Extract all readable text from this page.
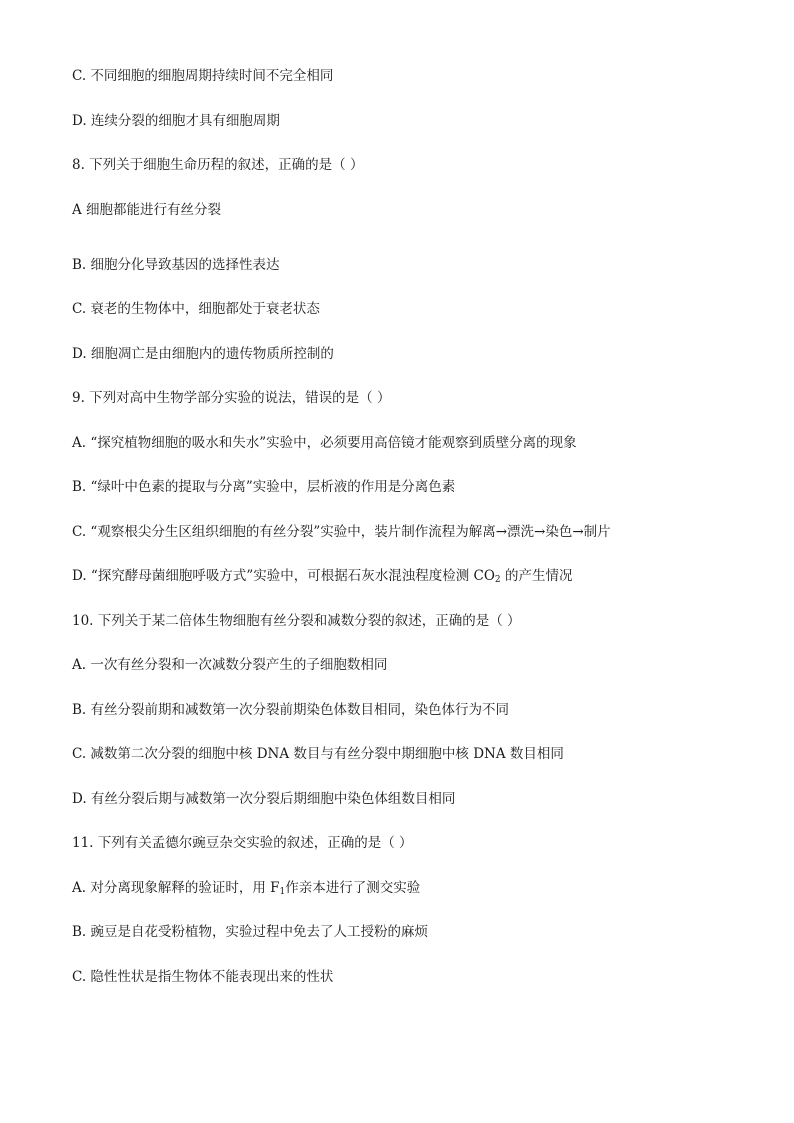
C. 不同细胞的细胞周期持续时间不完全相同
D. 连续分裂的细胞才具有细胞周期
8. 下列关于细胞生命历程的叙述，正确的是（ ）
A 细胞都能进行有丝分裂
B. 细胞分化导致基因的选择性表达
C. 衰老的生物体中，细胞都处于衰老状态
D. 细胞凋亡是由细胞内的遗传物质所控制的
9. 下列对高中生物学部分实验的说法，错误的是（ ）
A. “探究植物细胞的吸水和失水”实验中，必须要用高倍镜才能观察到质壁分离的现象
B. “绿叶中色素的提取与分离”实验中，层析液的作用是分离色素
C. “观察根尖分生区组织细胞的有丝分裂”实验中，装片制作流程为解离→漂洗→染色→制片
D. “探究酵母菌细胞呼吸方式”实验中，可根据石灰水混浊程度检测 $CO_2$ 的产生情况
10. 下列关于某二倍体生物细胞有丝分裂和减数分裂的叙述，正确的是（ ）
A. 一次有丝分裂和一次减数分裂产生的子细胞数相同
B. 有丝分裂前期和减数第一次分裂前期染色体数目相同，染色体行为不同
C. 减数第二次分裂的细胞中核 DNA 数目与有丝分裂中期细胞中核 DNA 数目相同
D. 有丝分裂后期与减数第一次分裂后期细胞中染色体组数目相同
11. 下列有关孟德尔豌豆杂交实验的叙述，正确的是（ ）
A. 对分离现象解释的验证时，用 $F_1$作亲本进行了测交实验
B. 豌豆是自花受粉植物，实验过程中免去了人工授粉的麻烦
C. 隐性性状是指生物体不能表现出来的性状
